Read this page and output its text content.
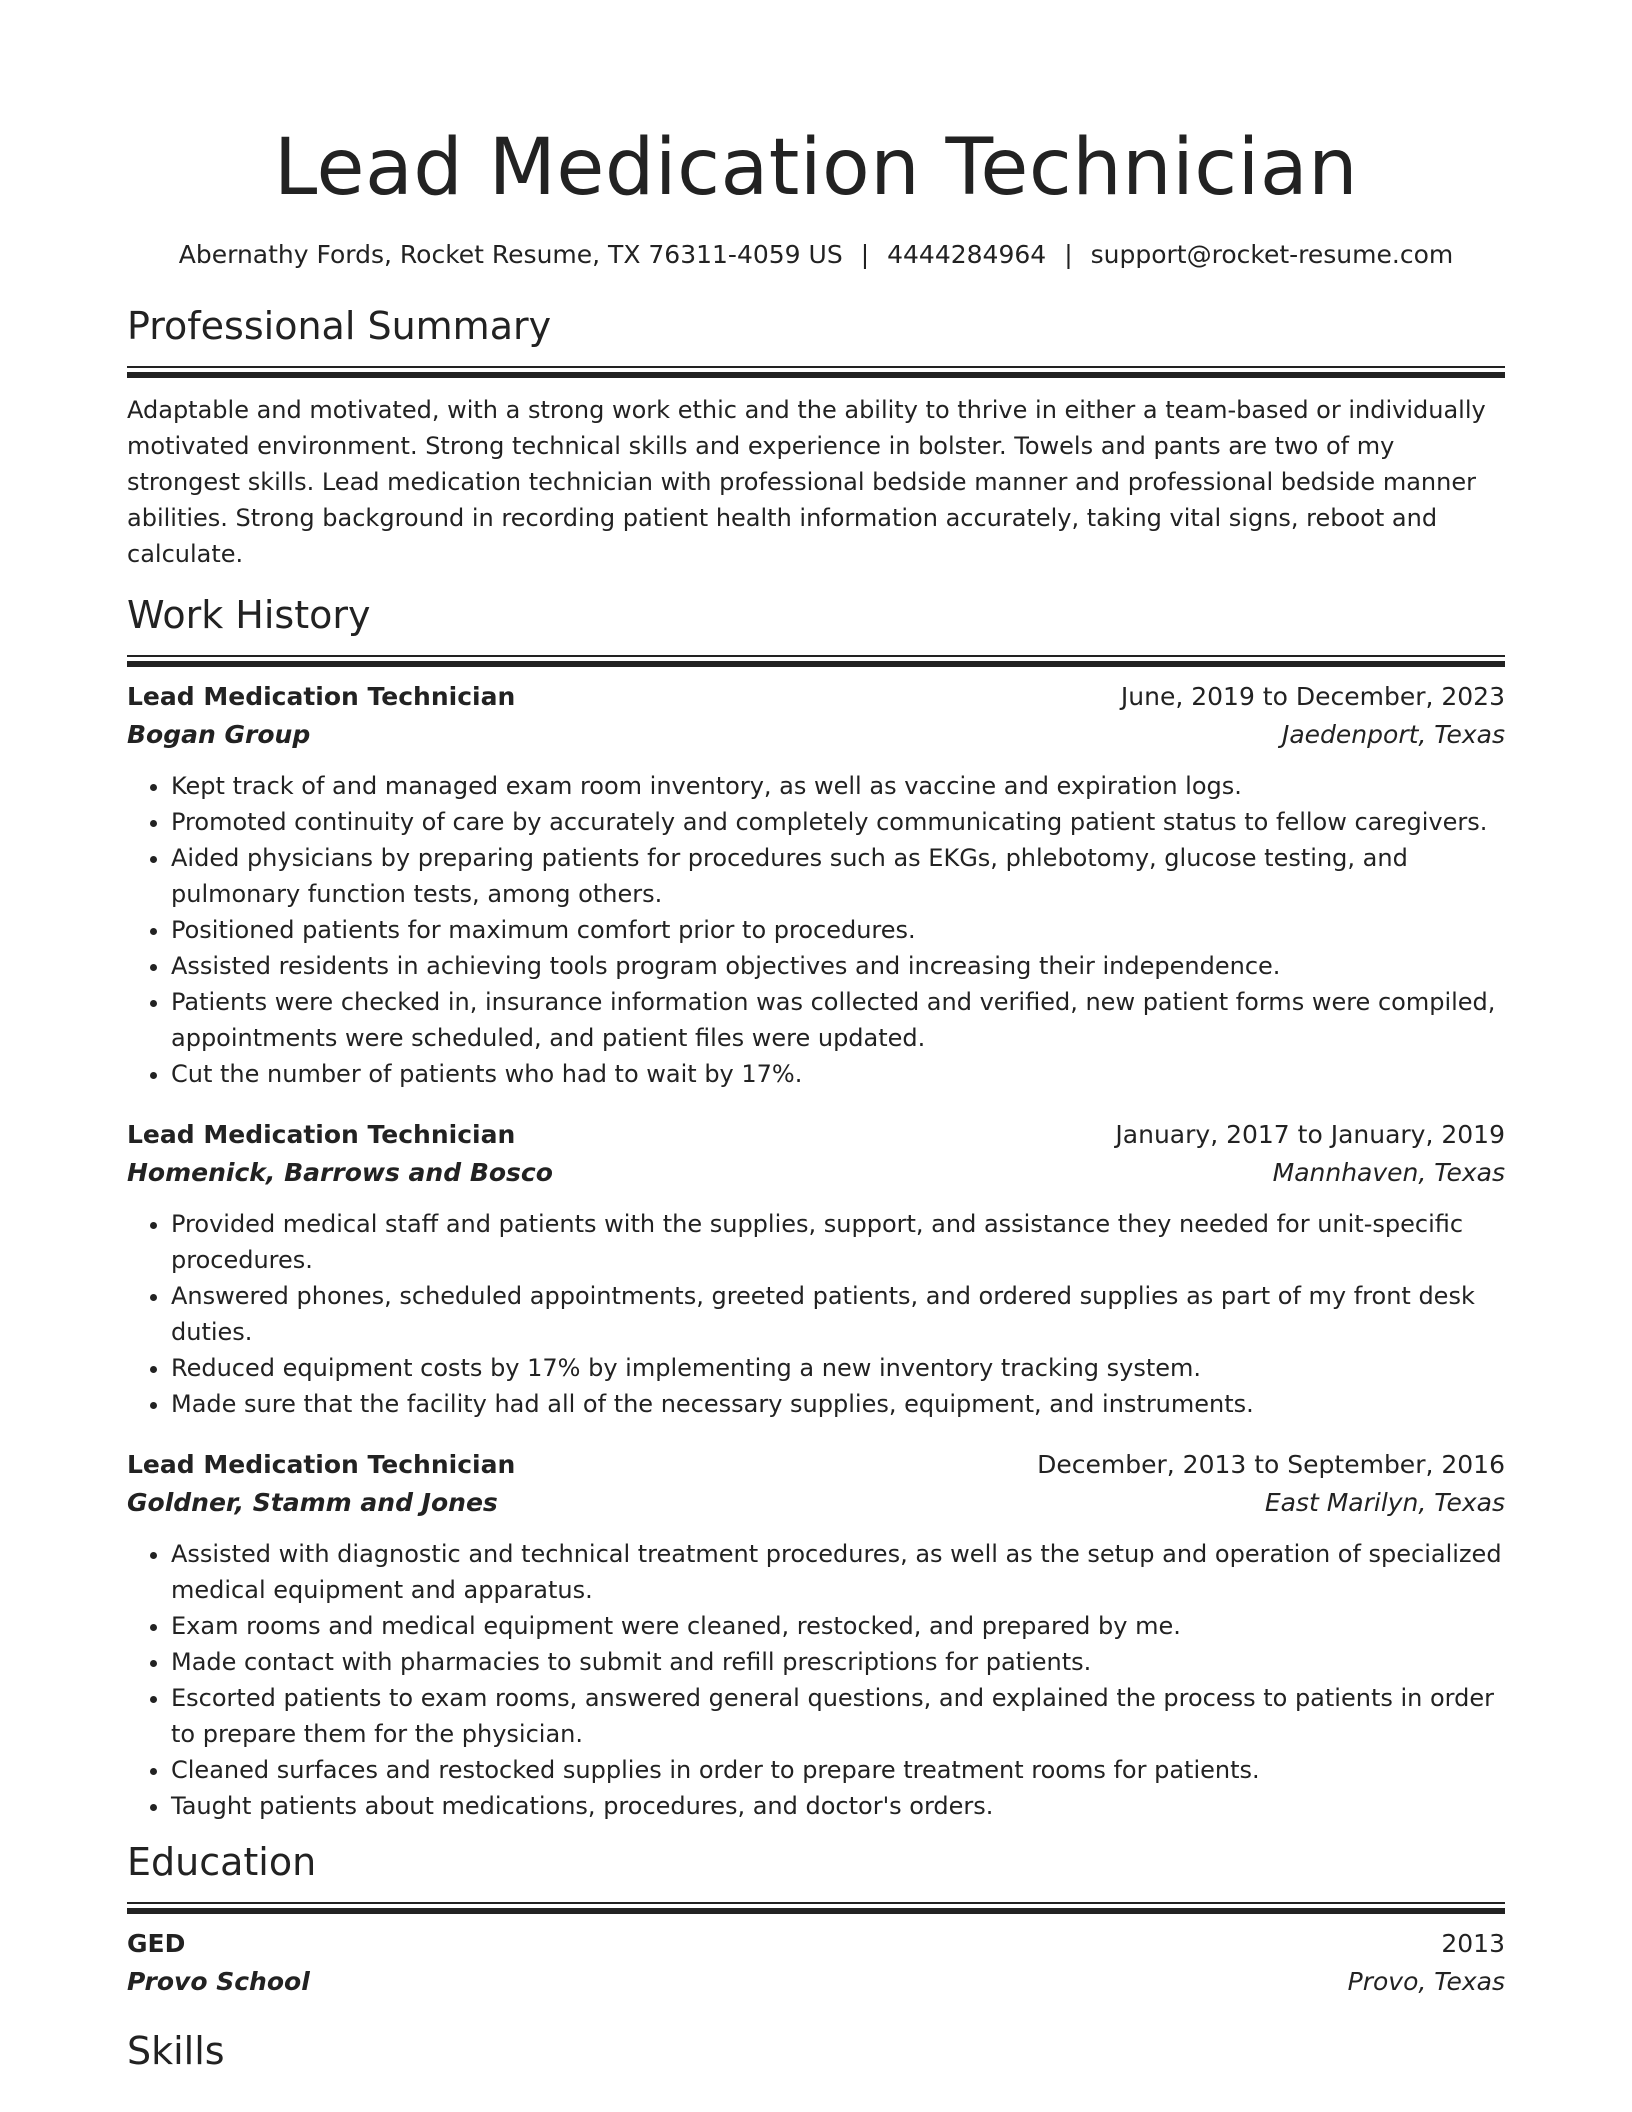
Lead Medication Technician
Abernathy Fords, Rocket Resume, TX 76311-4059 US | 4444284964 | support@rocket-resume.com
Professional Summary
Adaptable and motivated, with a strong work ethic and the ability to thrive in either a team-based or individually motivated environment. Strong technical skills and experience in bolster. Towels and pants are two of my strongest skills. Lead medication technician with professional bedside manner and professional bedside manner abilities. Strong background in recording patient health information accurately, taking vital signs, reboot and calculate.
Work History
Lead Medication Technician	June, 2019 to December, 2023
Bogan Group	Jaedenport, Texas
• Kept track of and managed exam room inventory, as well as vaccine and expiration logs.
• Promoted continuity of care by accurately and completely communicating patient status to fellow caregivers.
• Aided physicians by preparing patients for procedures such as EKGs, phlebotomy, glucose testing, and pulmonary function tests, among others.
• Positioned patients for maximum comfort prior to procedures.
• Assisted residents in achieving tools program objectives and increasing their independence.
• Patients were checked in, insurance information was collected and verified, new patient forms were compiled, appointments were scheduled, and patient files were updated.
• Cut the number of patients who had to wait by 17%.
Lead Medication Technician	January, 2017 to January, 2019
Homenick, Barrows and Bosco	Mannhaven, Texas
• Provided medical staff and patients with the supplies, support, and assistance they needed for unit-specific procedures.
• Answered phones, scheduled appointments, greeted patients, and ordered supplies as part of my front desk duties.
• Reduced equipment costs by 17% by implementing a new inventory tracking system.
• Made sure that the facility had all of the necessary supplies, equipment, and instruments.
Lead Medication Technician	December, 2013 to September, 2016
Goldner, Stamm and Jones	East Marilyn, Texas
• Assisted with diagnostic and technical treatment procedures, as well as the setup and operation of specialized medical equipment and apparatus.
• Exam rooms and medical equipment were cleaned, restocked, and prepared by me.
• Made contact with pharmacies to submit and refill prescriptions for patients.
• Escorted patients to exam rooms, answered general questions, and explained the process to patients in order to prepare them for the physician.
• Cleaned surfaces and restocked supplies in order to prepare treatment rooms for patients.
• Taught patients about medications, procedures, and doctor's orders.
Education
GED	2013
Provo School	Provo, Texas
Skills
